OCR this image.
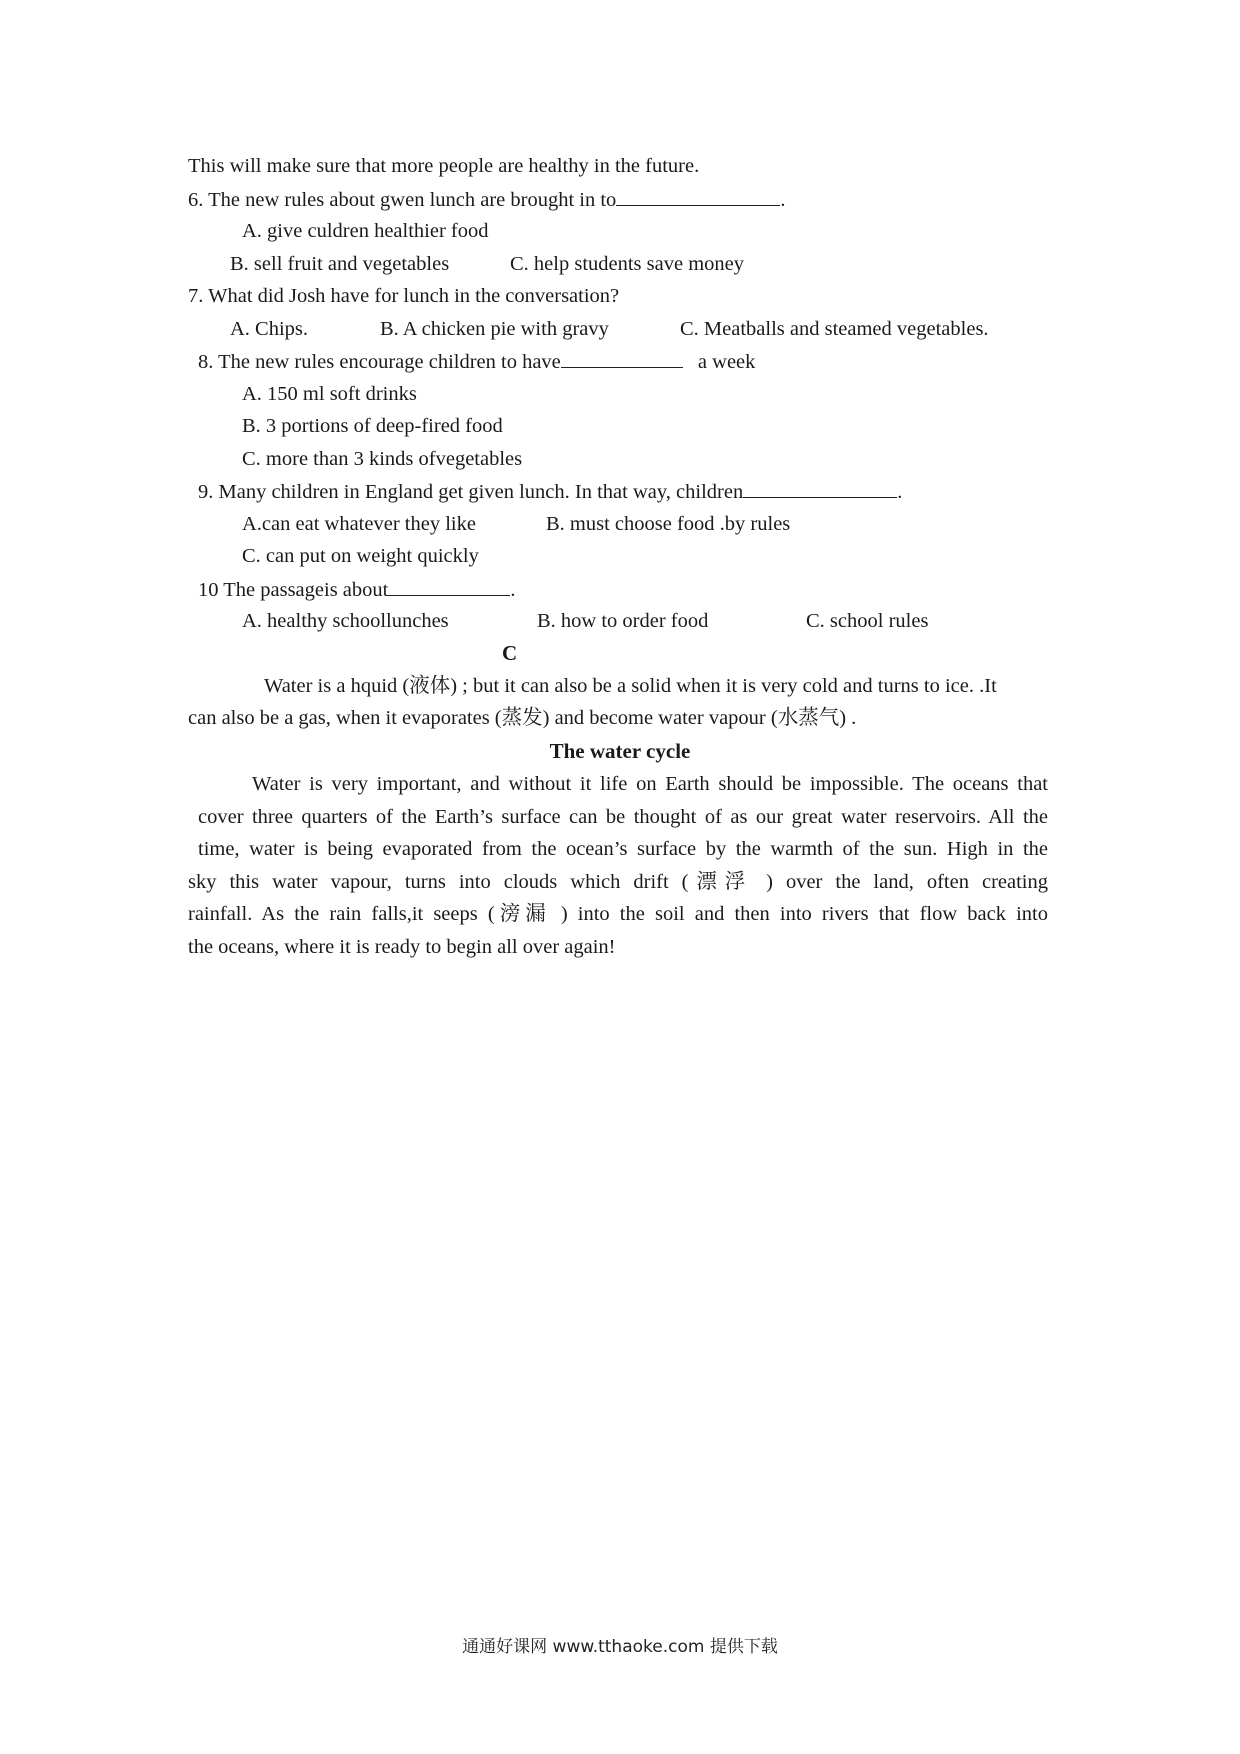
This will make sure that more people are healthy in the future.
6. The new rules about gwen lunch are brought in to	.
A. give culdren healthier food
B. sell fruit and vegetables	C. help students save money
7. What did Josh have for lunch in the conversation?
A. Chips.	B. A chicken pie with gravy	C. Meatballs and steamed vegetables.
8. The new rules encourage children to have	a week
A. 150 ml soft drinks
B. 3 portions of deep-fired food
C. more than 3 kinds ofvegetables
9. Many children in England get given lunch. In that way, children	.
A.can eat whatever they like	B. must choose food .by rules
C. can put on weight quickly
10 The passageis about	.
A. healthy schoollunches	B. how to order food	C. school rules
C
Water is a hquid (液体) ; but it can also be a solid when it is very cold and turns to ice. .It
can also be a gas, when it evaporates (蒸发) and become water vapour (水蒸气) .
The water cycle
Water is very important, and without it life on Earth should be impossible. The oceans that
cover three quarters of the Earth’s surface can be thought of as our great water reservoirs. All the
time, water is being evaporated from the ocean’s surface by the warmth of the sun. High in the
sky this water vapour, turns into clouds which drift (漂浮 ) over the land, often creating
rainfall. As the rain falls,it seeps (滂漏 ) into the soil and then into rivers that flow back into
the oceans, where it is ready to begin all over again!
通通好课网 www.tthaoke.com 提供下载
